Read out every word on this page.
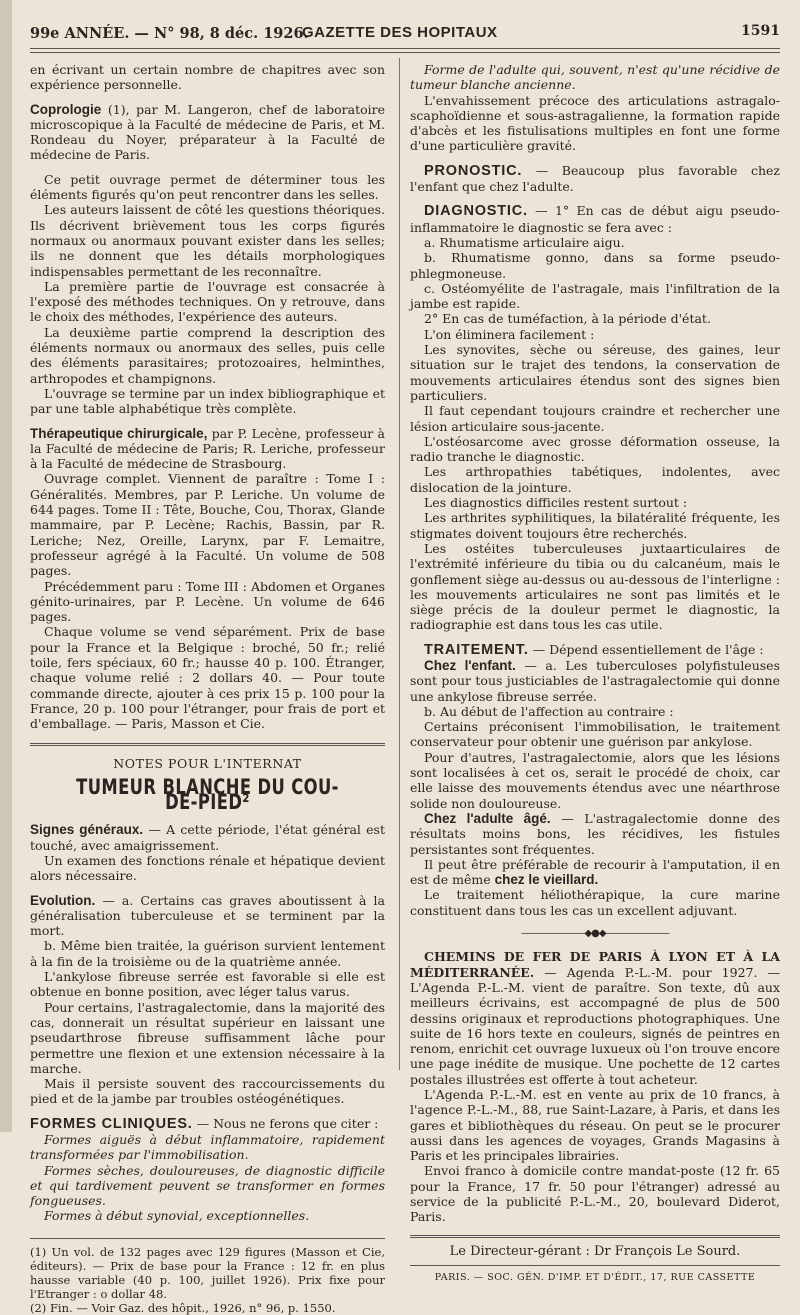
99e ANNÉE. — N° 98, 8 déc. 1926.
GAZETTE DES HOPITAUX	1591

en écrivant un certain nombre de chapitres avec son expérience personnelle.

Coprologie (1), par M. Langeron, chef de laboratoire microscopique à la Faculté de médecine de Paris, et M. Rondeau du Noyer, préparateur à la Faculté de médecine de Paris.

Ce petit ouvrage permet de déterminer tous les éléments figurés qu'on peut rencontrer dans les selles.

Les auteurs laissent de côté les questions théoriques. Ils décrivent brièvement tous les corps figurés normaux ou anormaux pouvant exister dans les selles; ils ne donnent que les détails morphologiques indispensables permettant de les reconnaître.

La première partie de l'ouvrage est consacrée à l'exposé des méthodes techniques. On y retrouve, dans le choix des méthodes, l'expérience des auteurs.

La deuxième partie comprend la description des éléments normaux ou anormaux des selles, puis celle des éléments parasitaires; protozoaires, helminthes, arthropodes et champignons.

L'ouvrage se termine par un index bibliographique et par une table alphabétique très complète.

Thérapeutique chirurgicale, par P. Lecène, professeur à la Faculté de médecine de Paris; R. Leriche, professeur à la Faculté de médecine de Strasbourg.

Ouvrage complet. Viennent de paraître : Tome I : Généralités. Membres, par P. Leriche. Un volume de 644 pages. Tome II : Tête, Bouche, Cou, Thorax, Glande mammaire, par P. Lecène; Rachis, Bassin, par R. Leriche; Nez, Oreille, Larynx, par F. Lemaitre, professeur agrégé à la Faculté. Un volume de 508 pages.

Précédemment paru : Tome III : Abdomen et Organes génito-urinaires, par P. Lecène. Un volume de 646 pages.

Chaque volume se vend séparément. Prix de base pour la France et la Belgique : broché, 50 fr.; relié toile, fers spéciaux, 60 fr.; hausse 40 p. 100. Étranger, chaque volume relié : 2 dollars 40. — Pour toute commande directe, ajouter à ces prix 15 p. 100 pour la France, 20 p. 100 pour l'étranger, pour frais de port et d'emballage. — Paris, Masson et Cie.

NOTES POUR L'INTERNAT
TUMEUR BLANCHE DU COU-DE-PIED²

Signes généraux. — A cette période, l'état général est touché, avec amaigrissement.

Un examen des fonctions rénale et hépatique devient alors nécessaire.

Evolution. — a. Certains cas graves aboutissent à la généralisation tuberculeuse et se terminent par la mort.

b. Même bien traitée, la guérison survient lentement à la fin de la troisième ou de la quatrième année.

L'ankylose fibreuse serrée est favorable si elle est obtenue en bonne position, avec léger talus varus.

Pour certains, l'astragalectomie, dans la majorité des cas, donnerait un résultat supérieur en laissant une pseudarthrose fibreuse suffisamment lâche pour permettre une flexion et une extension nécessaire à la marche.

Mais il persiste souvent des raccourcissements du pied et de la jambe par troubles ostéogénétiques.

FORMES CLINIQUES. — Nous ne ferons que citer :

Formes aiguës à début inflammatoire, rapidement transformées par l'immobilisation.

Formes sèches, douloureuses, de diagnostic difficile et qui tardivement peuvent se transformer en formes fongueuses.

Formes à début synovial, exceptionnelles.

(1) Un vol. de 132 pages avec 129 figures (Masson et Cie, éditeurs). — Prix de base pour la France : 12 fr. en plus hausse variable (40 p. 100, juillet 1926). Prix fixe pour l'Etranger : o dollar 48.

(2) Fin. — Voir Gaz. des hôpit., 1926, n° 96, p. 1550.

Forme de l'adulte qui, souvent, n'est qu'une récidive de tumeur blanche ancienne.

L'envahissement précoce des articulations astragalo-scaphoïdienne et sous-astragalienne, la formation rapide d'abcès et les fistulisations multiples en font une forme d'une particulière gravité.

PRONOSTIC. — Beaucoup plus favorable chez l'enfant que chez l'adulte.

DIAGNOSTIC. — 1° En cas de début aigu pseudo-inflammatoire le diagnostic se fera avec :

a. Rhumatisme articulaire aigu.

b. Rhumatisme gonno, dans sa forme pseudo-phlegmoneuse.

c. Ostéomyélite de l'astragale, mais l'infiltration de la jambe est rapide.

2° En cas de tuméfaction, à la période d'état.

L'on éliminera facilement :

Les synovites, sèche ou séreuse, des gaines, leur situation sur le trajet des tendons, la conservation de mouvements articulaires étendus sont des signes bien particuliers.

Il faut cependant toujours craindre et rechercher une lésion articulaire sous-jacente.

L'ostéosarcome avec grosse déformation osseuse, la radio tranche le diagnostic.

Les arthropathies tabétiques, indolentes, avec dislocation de la jointure.

Les diagnostics difficiles restent surtout :

Les arthrites syphilitiques, la bilatéralité fréquente, les stigmates doivent toujours être recherchés.

Les ostéites tuberculeuses juxtaarticulaires de l'extrémité inférieure du tibia ou du calcanéum, mais le gonflement siège au-dessus ou au-dessous de l'interligne : les mouvements articulaires ne sont pas limités et le siège précis de la douleur permet le diagnostic, la radiographie est dans tous les cas utile.

TRAITEMENT. — Dépend essentiellement de l'âge :

Chez l'enfant. — a. Les tuberculoses polyfistuleuses sont pour tous justiciables de l'astragalectomie qui donne une ankylose fibreuse serrée.

b. Au début de l'affection au contraire :

Certains préconisent l'immobilisation, le traitement conservateur pour obtenir une guérison par ankylose.

Pour d'autres, l'astragalectomie, alors que les lésions sont localisées à cet os, serait le procédé de choix, car elle laisse des mouvements étendus avec une néarthrose solide non douloureuse.

Chez l'adulte âgé. — L'astragalectomie donne des résultats moins bons, les récidives, les fistules persistantes sont fréquentes.

Il peut être préférable de recourir à l'amputation, il en est de même chez le vieillard.

Le traitement héliothérapique, la cure marine constituent dans tous les cas un excellent adjuvant.

―――――――◆●◆―――――――

CHEMINS DE FER DE PARIS À LYON ET À LA MÉDITERRANÉE. — Agenda P.-L.-M. pour 1927. — L'Agenda P.-L.-M. vient de paraître. Son texte, dû aux meilleurs écrivains, est accompagné de plus de 500 dessins originaux et reproductions photographiques. Une suite de 16 hors texte en couleurs, signés de peintres en renom, enrichit cet ouvrage luxueux où l'on trouve encore une page inédite de musique. Une pochette de 12 cartes postales illustrées est offerte à tout acheteur.

L'Agenda P.-L.-M. est en vente au prix de 10 francs, à l'agence P.-L.-M., 88, rue Saint-Lazare, à Paris, et dans les gares et bibliothèques du réseau. On peut se le procurer aussi dans les agences de voyages, Grands Magasins à Paris et les principales librairies.

Envoi franco à domicile contre mandat-poste (12 fr. 65 pour la France, 17 fr. 50 pour l'étranger) adressé au service de la publicité P.-L.-M., 20, boulevard Diderot, Paris.

Le Directeur-gérant : Dr François Le Sourd.
PARIS. — SOC. GÉN. D'IMP. ET D'ÉDIT., 17, RUE CASSETTE
